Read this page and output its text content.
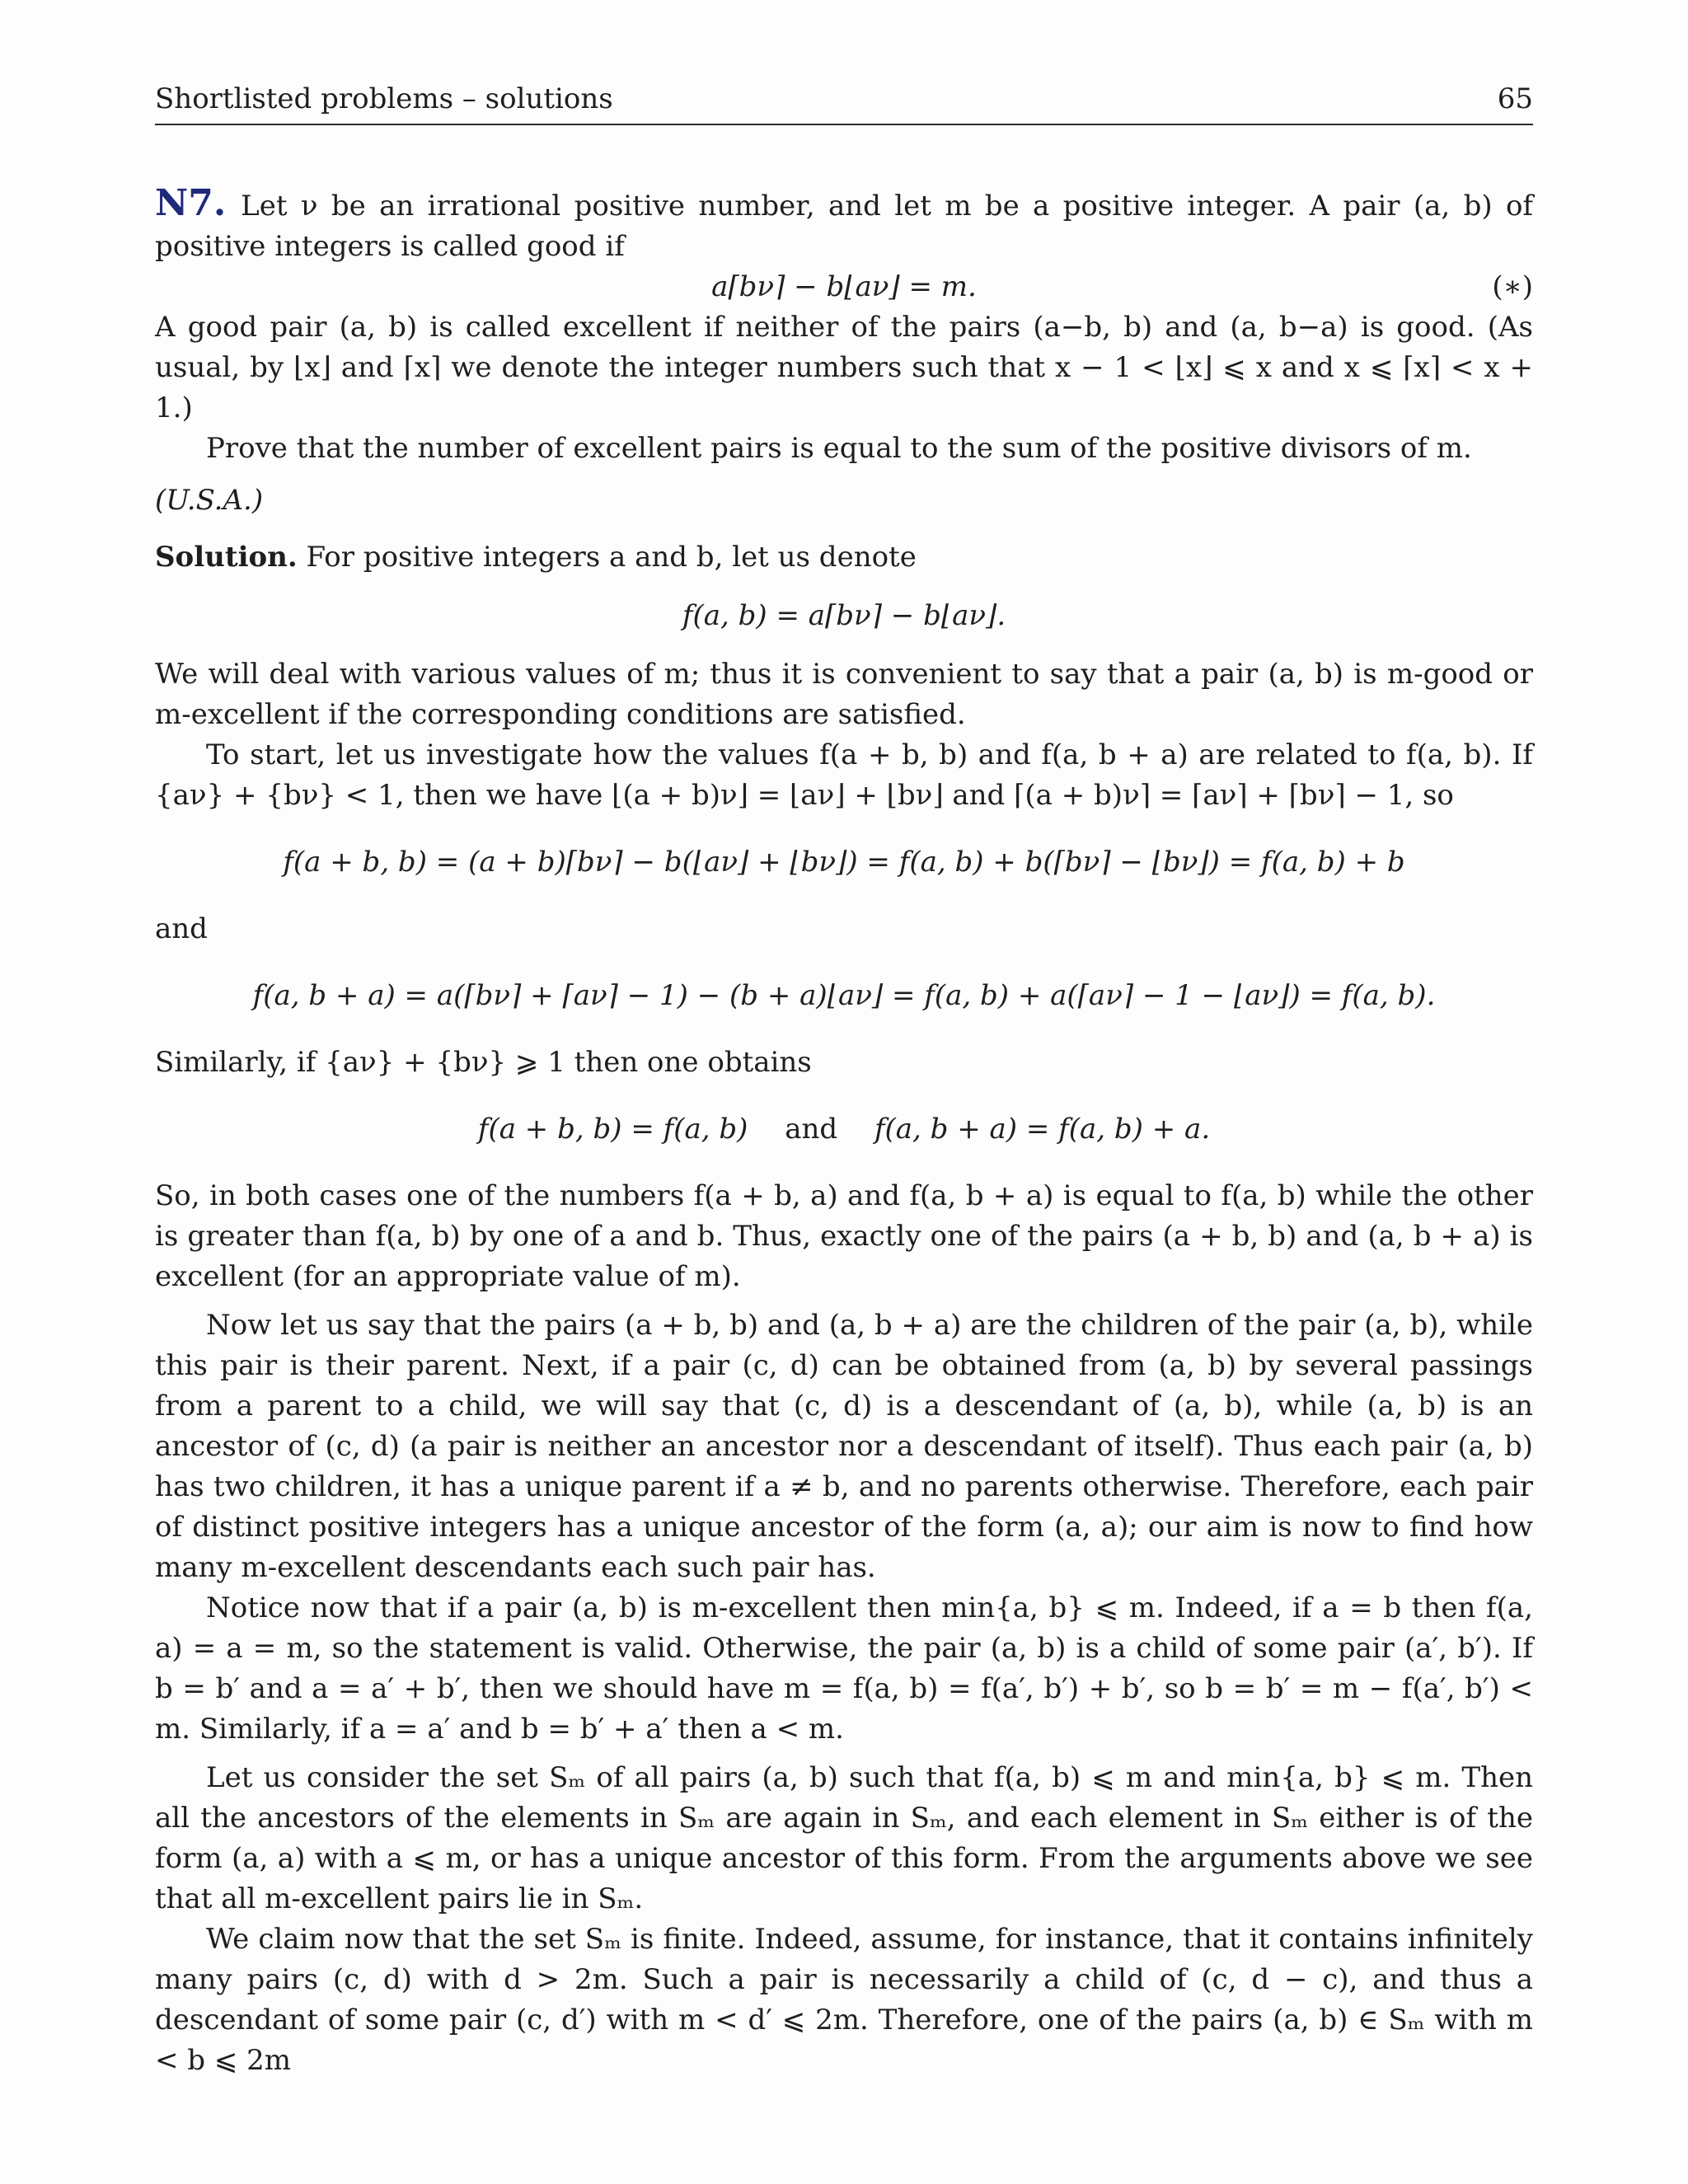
Shortlisted problems – solutions	65

N7. Let ν be an irrational positive number, and let m be a positive integer. A pair (a, b) of positive integers is called good if

a⌈bν⌉ − b⌊aν⌋ = m.	(∗)

A good pair (a, b) is called excellent if neither of the pairs (a−b, b) and (a, b−a) is good. (As usual, by ⌊x⌋ and ⌈x⌉ we denote the integer numbers such that x − 1 < ⌊x⌋ ⩽ x and x ⩽ ⌈x⌉ < x + 1.)

Prove that the number of excellent pairs is equal to the sum of the positive divisors of m.

(U.S.A.)

Solution. For positive integers a and b, let us denote

f(a, b) = a⌈bν⌉ − b⌊aν⌋.

We will deal with various values of m; thus it is convenient to say that a pair (a, b) is m-good or m-excellent if the corresponding conditions are satisfied.

To start, let us investigate how the values f(a + b, b) and f(a, b + a) are related to f(a, b). If {aν} + {bν} < 1, then we have ⌊(a + b)ν⌋ = ⌊aν⌋ + ⌊bν⌋ and ⌈(a + b)ν⌉ = ⌈aν⌉ + ⌈bν⌉ − 1, so

f(a + b, b) = (a + b)⌈bν⌉ − b(⌊aν⌋ + ⌊bν⌋) = f(a, b) + b(⌈bν⌉ − ⌊bν⌋) = f(a, b) + b

and

f(a, b + a) = a(⌈bν⌉ + ⌈aν⌉ − 1) − (b + a)⌊aν⌋ = f(a, b) + a(⌈aν⌉ − 1 − ⌊aν⌋) = f(a, b).

Similarly, if {aν} + {bν} ⩾ 1 then one obtains

f(a + b, b) = f(a, b) and f(a, b + a) = f(a, b) + a.

So, in both cases one of the numbers f(a + b, a) and f(a, b + a) is equal to f(a, b) while the other is greater than f(a, b) by one of a and b. Thus, exactly one of the pairs (a + b, b) and (a, b + a) is excellent (for an appropriate value of m).

Now let us say that the pairs (a + b, b) and (a, b + a) are the children of the pair (a, b), while this pair is their parent. Next, if a pair (c, d) can be obtained from (a, b) by several passings from a parent to a child, we will say that (c, d) is a descendant of (a, b), while (a, b) is an ancestor of (c, d) (a pair is neither an ancestor nor a descendant of itself). Thus each pair (a, b) has two children, it has a unique parent if a ≠ b, and no parents otherwise. Therefore, each pair of distinct positive integers has a unique ancestor of the form (a, a); our aim is now to find how many m-excellent descendants each such pair has.

Notice now that if a pair (a, b) is m-excellent then min{a, b} ⩽ m. Indeed, if a = b then f(a, a) = a = m, so the statement is valid. Otherwise, the pair (a, b) is a child of some pair (a′, b′). If b = b′ and a = a′ + b′, then we should have m = f(a, b) = f(a′, b′) + b′, so b = b′ = m − f(a′, b′) < m. Similarly, if a = a′ and b = b′ + a′ then a < m.

Let us consider the set Sₘ of all pairs (a, b) such that f(a, b) ⩽ m and min{a, b} ⩽ m. Then all the ancestors of the elements in Sₘ are again in Sₘ, and each element in Sₘ either is of the form (a, a) with a ⩽ m, or has a unique ancestor of this form. From the arguments above we see that all m-excellent pairs lie in Sₘ.

We claim now that the set Sₘ is finite. Indeed, assume, for instance, that it contains infinitely many pairs (c, d) with d > 2m. Such a pair is necessarily a child of (c, d − c), and thus a descendant of some pair (c, d′) with m < d′ ⩽ 2m. Therefore, one of the pairs (a, b) ∈ Sₘ with m < b ⩽ 2m
